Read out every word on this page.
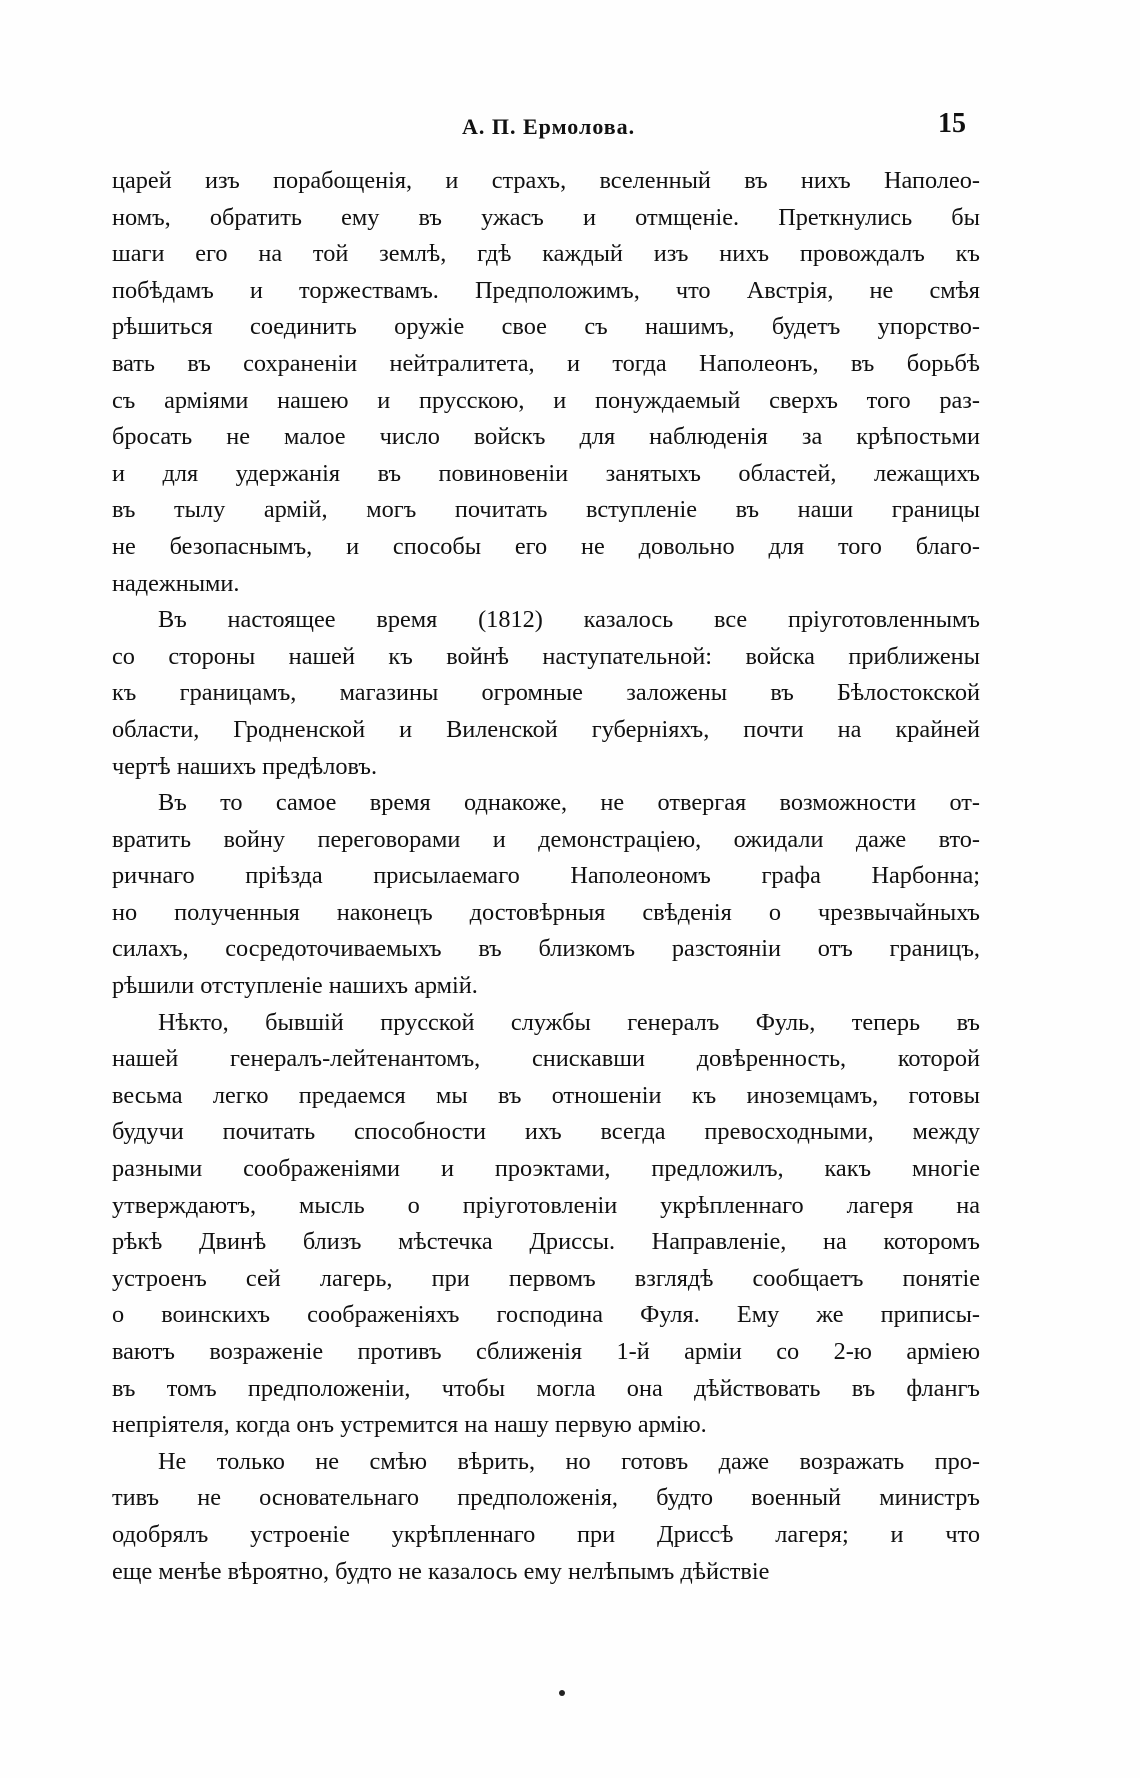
А. П. Ермолова.	15
царей изъ порабощенія, и страхъ, вселенный въ нихъ Наполео-
номъ, обратить ему въ ужасъ и отмщеніе. Преткнулись бы
шаги его на той землѣ, гдѣ каждый изъ нихъ провождалъ къ
побѣдамъ и торжествамъ. Предположимъ, что Австрія, не смѣя
рѣшиться соединить оружіе свое съ нашимъ, будетъ упорство-
вать въ сохраненіи нейтралитета, и тогда Наполеонъ, въ борьбѣ
съ арміями нашею и прусскою, и понуждаемый сверхъ того раз-
бросать не малое число войскъ для наблюденія за крѣпостьми
и для удержанія въ повиновеніи занятыхъ областей, лежащихъ
въ тылу армій, могъ почитать вступленіе въ наши границы
не безопаснымъ, и способы его не довольно для того благо-
надежными.
Въ настоящее время (1812) казалось все пріуготовленнымъ
со стороны нашей къ войнѣ наступательной: войска приближены
къ границамъ, магазины огромные заложены въ Бѣлостокской
области, Гродненской и Виленской губерніяхъ, почти на крайней
чертѣ нашихъ предѣловъ.
Въ то самое время однакоже, не отвергая возможности от-
вратить войну переговорами и демонстраціею, ожидали даже вто-
ричнаго пріѣзда присылаемаго Наполеономъ графа Нарбонна;
но полученныя наконецъ достовѣрныя свѣденія о чрезвычайныхъ
силахъ, сосредоточиваемыхъ въ близкомъ разстояніи отъ границъ,
рѣшили отступленіе нашихъ армій.
Нѣкто, бывшій прусской службы генералъ Фуль, теперь въ
нашей генералъ-лейтенантомъ, снискавши довѣренность, которой
весьма легко предаемся мы въ отношеніи къ иноземцамъ, готовы
будучи почитать способности ихъ всегда превосходными, между
разными соображеніями и проэктами, предложилъ, какъ многіе
утверждаютъ, мысль о пріуготовленіи укрѣпленнаго лагеря на
рѣкѣ Двинѣ близъ мѣстечка Дриссы. Направленіе, на которомъ
устроенъ сей лагерь, при первомъ взглядѣ сообщаетъ понятіе
о воинскихъ соображеніяхъ господина Фуля. Ему же приписы-
ваютъ возраженіе противъ сближенія 1-й арміи со 2-ю арміею
въ томъ предположеніи, чтобы могла она дѣйствовать въ флангъ
непріятеля, когда онъ устремится на нашу первую армію.
Не только не смѣю вѣрить, но готовъ даже возражать про-
тивъ не основательнаго предположенія, будто военный министръ
одобрялъ устроеніе укрѣпленнаго при Дриссѣ лагеря; и что
еще менѣе вѣроятно, будто не казалось ему нелѣпымъ дѣйствіе
